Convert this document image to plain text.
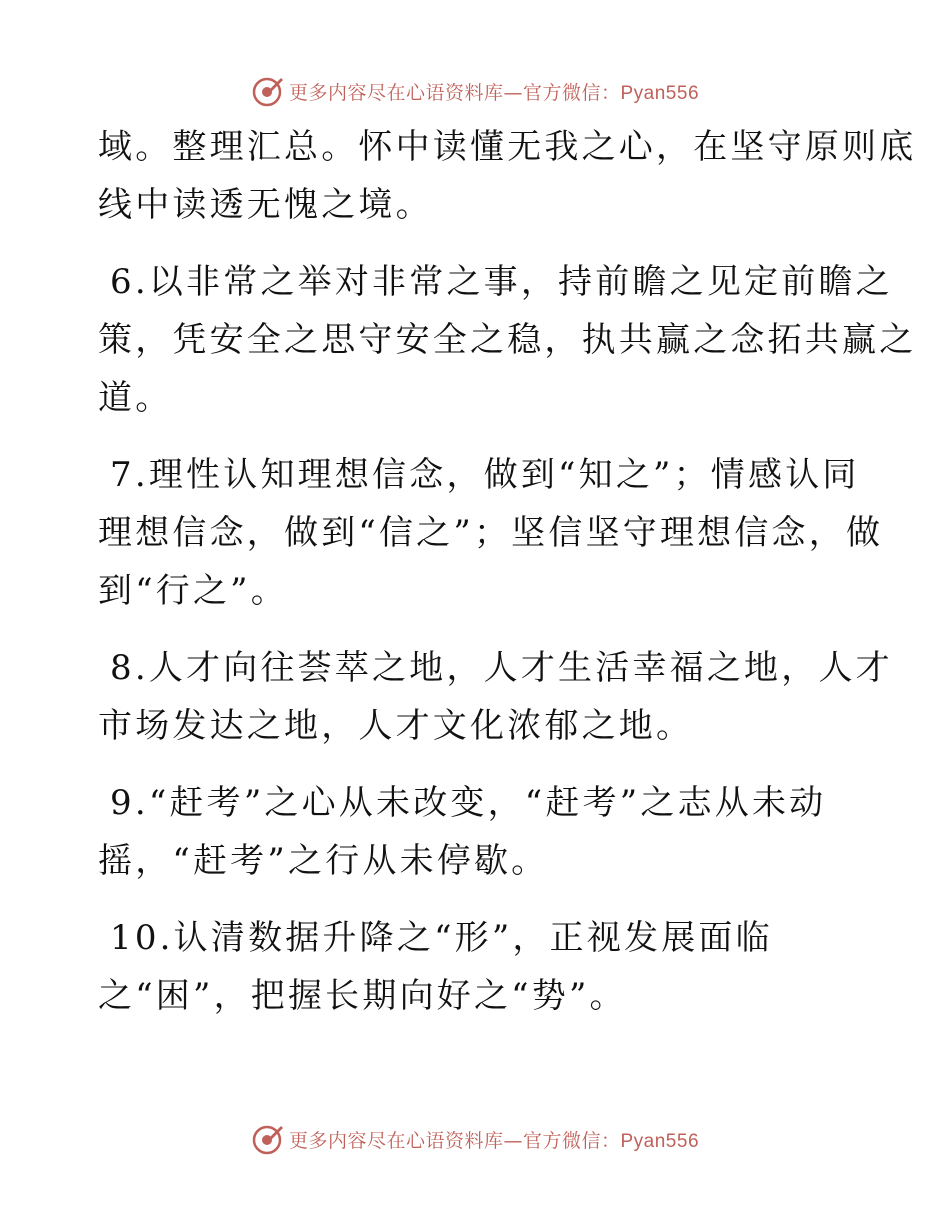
更多内容尽在心语资料库—官方微信：Pyan556
域。整理汇总。怀中读懂无我之心，在坚守原则底
线中读透无愧之境。
6.以非常之举对非常之事，持前瞻之见定前瞻之
策，凭安全之思守安全之稳，执共赢之念拓共赢之
道。
7.理性认知理想信念，做到“知之”；情感认同
理想信念，做到“信之”；坚信坚守理想信念，做
到“行之”。
8.人才向往荟萃之地，人才生活幸福之地，人才
市场发达之地，人才文化浓郁之地。
9.“赶考”之心从未改变，“赶考”之志从未动
摇，“赶考”之行从未停歇。
10.认清数据升降之“形”，正视发展面临
之“困”，把握长期向好之“势”。
更多内容尽在心语资料库—官方微信：Pyan556
